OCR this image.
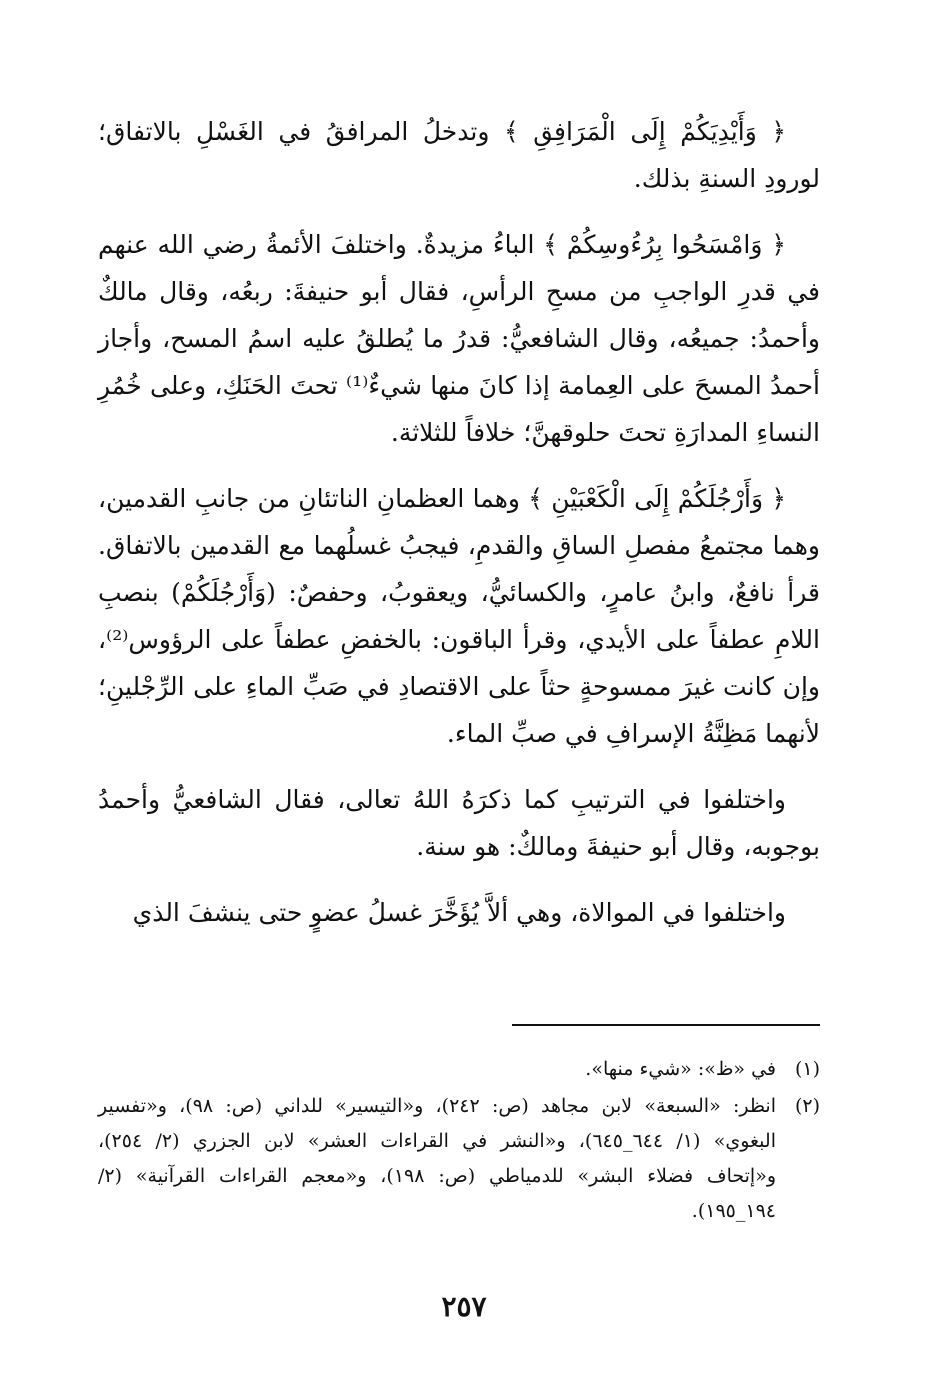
﴿ وَأَيْدِيَكُمْ إِلَى الْمَرَافِقِ ﴾ وتدخلُ المرافقُ في الغَسْلِ بالاتفاق؛ لورودِ السنةِ بذلك.

﴿ وَامْسَحُوا بِرُءُوسِكُمْ ﴾ الباءُ مزيدةٌ. واختلفَ الأئمةُ رضي الله عنهم في قدرِ الواجبِ من مسحِ الرأسِ، فقال أبو حنيفةَ: ربعُه، وقال مالكٌ وأحمدُ: جميعُه، وقال الشافعيُّ: قدرُ ما يُطلقُ عليه اسمُ المسح، وأجاز أحمدُ المسحَ على العِمامة إذا كانَ منها شيءٌ⁽¹⁾ تحتَ الحَنَكِ، وعلى خُمُرِ النساءِ المدارَةِ تحتَ حلوقهنَّ؛ خلافاً للثلاثة.

﴿ وَأَرْجُلَكُمْ إِلَى الْكَعْبَيْنِ ﴾ وهما العظمانِ الناتئانِ من جانبِ القدمين، وهما مجتمعُ مفصلِ الساقِ والقدمِ، فيجبُ غسلُهما مع القدمين بالاتفاق. قرأ نافعٌ، وابنُ عامرٍ، والكسائيُّ، ويعقوبُ، وحفصٌ: (وَأَرْجُلَكُمْ) بنصبِ اللامِ عطفاً على الأيدي، وقرأ الباقون: بالخفضِ عطفاً على الرؤوس⁽²⁾، وإن كانت غيرَ ممسوحةٍ حثاً على الاقتصادِ في صَبِّ الماءِ على الرِّجْلينِ؛ لأنهما مَظِنَّةُ الإسرافِ في صبِّ الماء.

واختلفوا في الترتيبِ كما ذكرَهُ اللهُ تعالى، فقال الشافعيُّ وأحمدُ بوجوبه، وقال أبو حنيفةَ ومالكٌ: هو سنة.

واختلفوا في الموالاة، وهي ألاَّ يُؤَخَّرَ غسلُ عضوٍ حتى ينشفَ الذي

(١)
في «ظ»: «شيء منها».
(٢)
انظر: «السبعة» لابن مجاهد (ص: ٢٤٢)، و«التيسير» للداني (ص: ٩٨)، و«تفسير البغوي» (١/ ٦٤٤_٦٤٥)، و«النشر في القراءات العشر» لابن الجزري (٢/ ٢٥٤)، و«إتحاف فضلاء البشر» للدمياطي (ص: ١٩٨)، و«معجم القراءات القرآنية» (٢/ ١٩٤_١٩٥).
٢٥٧
